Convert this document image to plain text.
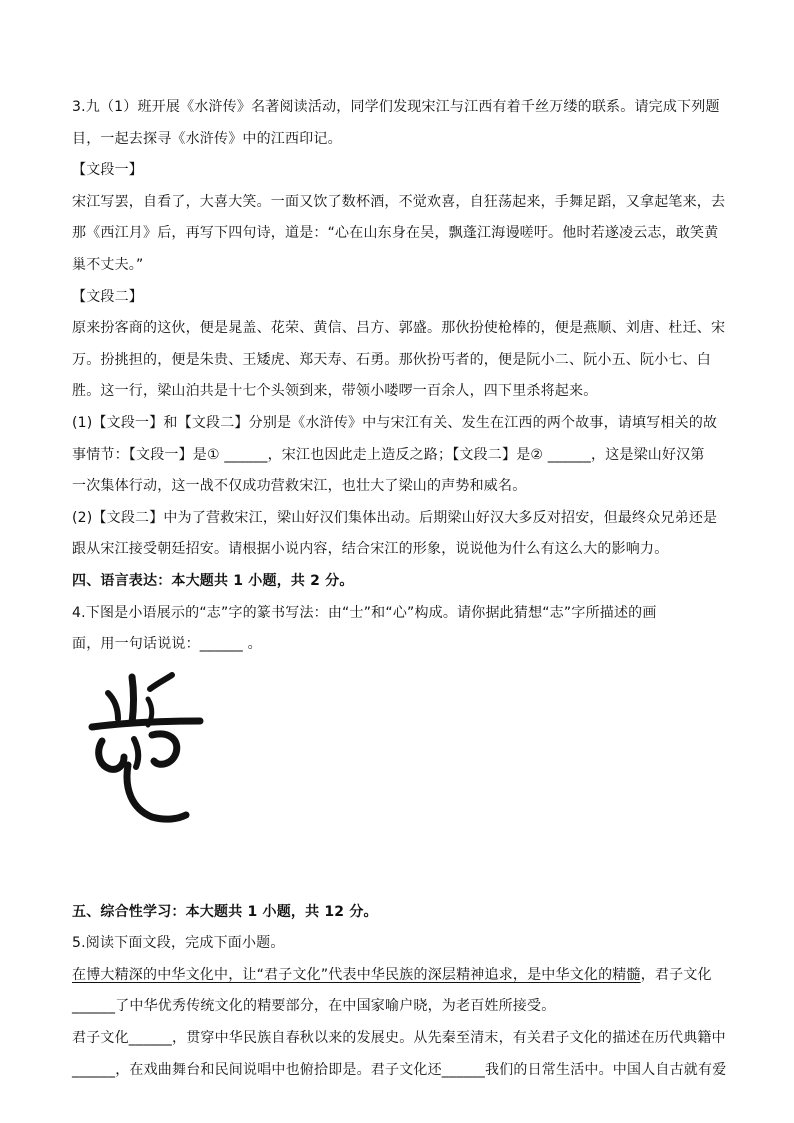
3.九（1）班开展《水浒传》名著阅读活动，同学们发现宋江与江西有着千丝万缕的联系。请完成下列题
目，一起去探寻《水浒传》中的江西印记。
【文段一】
宋江写罢，自看了，大喜大笑。一面又饮了数杯酒，不觉欢喜，自狂荡起来，手舞足蹈，又拿起笔来，去
那《西江月》后，再写下四句诗，道是：“心在山东身在吴，飘蓬江海谩嗟吁。他时若遂凌云志，敢笑黄
巢不丈夫。”
【文段二】
原来扮客商的这伙，便是晁盖、花荣、黄信、吕方、郭盛。那伙扮使枪棒的，便是燕顺、刘唐、杜迁、宋
万。扮挑担的，便是朱贵、王矮虎、郑天寿、石勇。那伙扮丐者的，便是阮小二、阮小五、阮小七、白
胜。这一行，梁山泊共是十七个头领到来，带领小喽啰一百余人，四下里杀将起来。
(1)【文段一】和【文段二】分别是《水浒传》中与宋江有关、发生在江西的两个故事，请填写相关的故
事情节：【文段一】是① ______，宋江也因此走上造反之路；【文段二】是② ______，这是梁山好汉第
一次集体行动，这一战不仅成功营救宋江，也壮大了梁山的声势和威名。
(2)【文段二】中为了营救宋江，梁山好汉们集体出动。后期梁山好汉大多反对招安，但最终众兄弟还是
跟从宋江接受朝廷招安。请根据小说内容，结合宋江的形象，说说他为什么有这么大的影响力。
四、语言表达：本大题共 1 小题，共 2 分。
4.下图是小语展示的“志”字的篆书写法：由“士”和“心”构成。请你据此猜想“志”字所描述的画
面，用一句话说说：______ 。
五、综合性学习：本大题共 1 小题，共 12 分。
5.阅读下面文段，完成下面小题。
在博大精深的中华文化中，让“君子文化”代表中华民族的深层精神追求，是中华文化的精髓，君子文化
______了中华优秀传统文化的精要部分，在中国家喻户晓，为老百姓所接受。
君子文化______，贯穿中华民族自春秋以来的发展史。从先秦至清末，有关君子文化的描述在历代典籍中
______，在戏曲舞台和民间说唱中也俯拾即是。君子文化还______我们的日常生活中。中国人自古就有爱
